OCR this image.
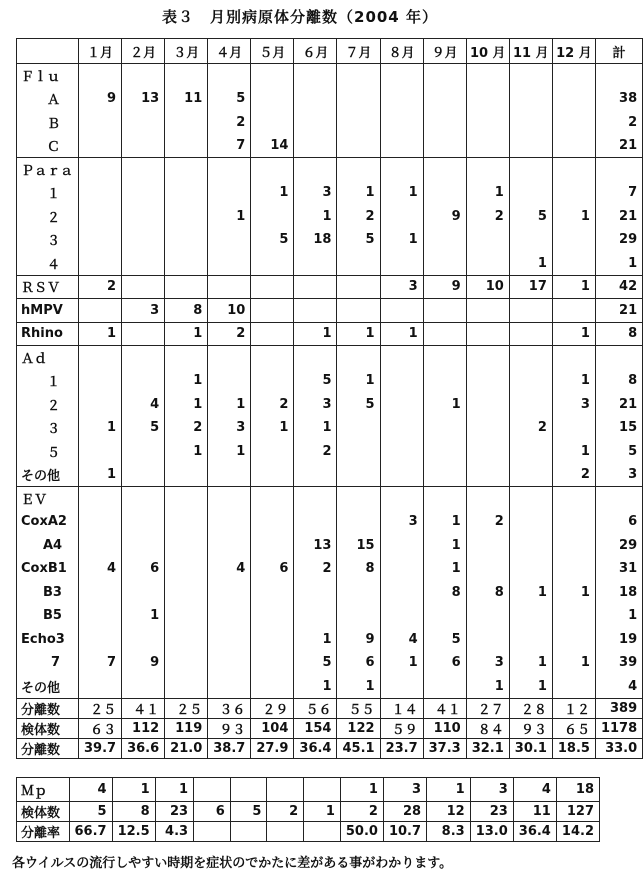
表３　月別病原体分離数（2004 年）
	１月	２月	３月	４月	５月	６月	７月	８月	９月	10 月	11 月	12 月	計
Ｆｌｕ													
Ａ	9	13	11	5									38
Ｂ				2									2
Ｃ				7	14								21
Ｐａｒａ													
１					1	3	1	1		1			7
２				1		1	2		9	2	5	1	21
３					5	18	5	1					29
４											1		1
ＲＳＶ	2							3	9	10	17	1	42
hMPV		3	8	10									21
Rhino	1		1	2		1	1	1				1	8
Ａｄ													
１			1			5	1					1	8
２		4	1	1	2	3	5		1			3	21
３	1	5	2	3	1	1					2		15
５			1	1		2						1	5
その他	1											2	3
ＥＶ													
CoxA2								3	1	2			6
A4						13	15		1				29
CoxB1	4	6		4	6	2	8		1				31
B3									8	8	1	1	18
B5		1											1
Echo3						1	9	4	5				19
7	7	9				5	6	1	6	3	1	1	39
その他						1	1			1	1		4
分離数	２５	４１	２５	３６	２９	５６	５５	１４	４１	２７	２８	１２	389
検体数	６３	112	119	９３	104	154	122	５９	110	８４	９３	６５	1178
分離数	39.7	36.6	21.0	38.7	27.9	36.4	45.1	23.7	37.3	32.1	30.1	18.5	33.0
Ｍｐ	4	1	1					1	3	1	3	4	18
検体数	5	8	23	6	5	2	1	2	28	12	23	11	127
分離率	66.7	12.5	4.3					50.0	10.7	8.3	13.0	36.4	14.2
各ウイルスの流行しやすい時期を症状のでかたに差がある事がわかります。
